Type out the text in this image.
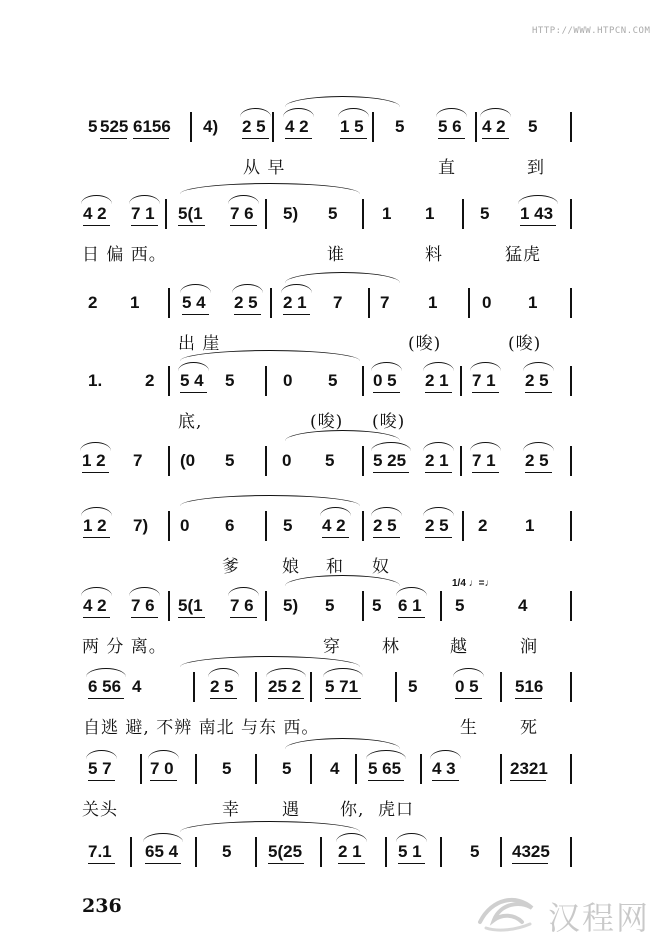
HTTP://WWW.HTPCN.COM
5 525 6156 4) 2 5 4 2 1 5 5 5 6 4 2 5
从 早	直	到
4 2 7 1 5(1 7 6 5) 5	1 1	5 1 43
日 偏 西。	谁	料	猛虎
2 1	5 4 2 5 2 1 7 7 1	0 1
出 崖	(唆)	(唆)
1.	2 5 4 5	0 5 0 5 2 1 7 1 2 5
底,	(唆) (唆)
1 2 7 (0 5	0 5 5 25 2 1 7 1 2 5
1 2 7) 0 6	5 4 2 2 5 2 5 2 1
爹 娘 和 奴
4 2 7 6 5(1 7 6 5) 5 5 6 1 5	4
1/4 ♩=♩
两 分 离。	穿 林	越	涧
6 56 4	2 5 25 2 5 71	5 0 5 516
自逃 避, 不辨 南北 与东 西。	生 死
5 7 7 0	5	5 4 5 65 4 3	2321
关头	幸 遇 你, 虎口
7.1 65 4	5 5(25 2 1 5 1	5 4325
236	汉程网
